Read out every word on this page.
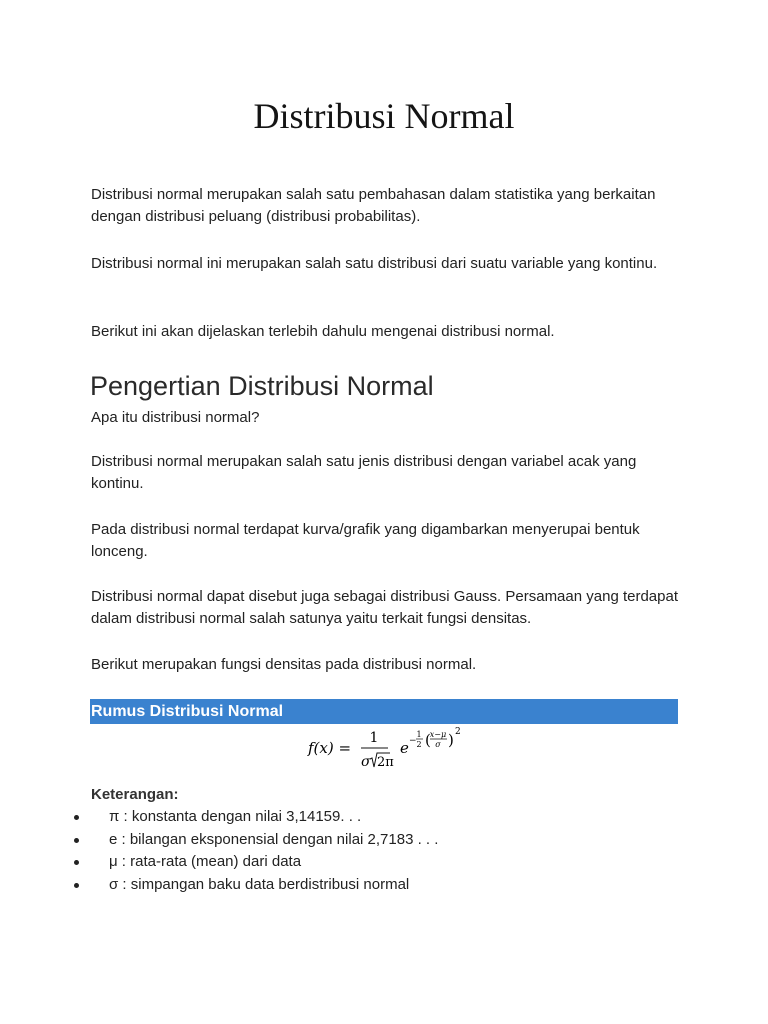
Distribusi Normal
Distribusi normal merupakan salah satu pembahasan dalam statistika yang berkaitan dengan distribusi peluang (distribusi probabilitas).
Distribusi normal ini merupakan salah satu distribusi dari suatu variable yang kontinu.
Berikut ini akan dijelaskan terlebih dahulu mengenai distribusi normal.
Pengertian Distribusi Normal
Apa itu distribusi normal?
Distribusi normal merupakan salah satu jenis distribusi dengan variabel acak yang kontinu.
Pada distribusi normal terdapat kurva/grafik yang digambarkan menyerupai bentuk lonceng.
Distribusi normal dapat disebut juga sebagai distribusi Gauss. Persamaan yang terdapat dalam distribusi normal salah satunya yaitu terkait fungsi densitas.
Berikut merupakan fungsi densitas pada distribusi normal.
Rumus Distribusi Normal
f(x) =
1
σ 2π
e −
1
2 (
x−μ
σ ) 2
Keterangan:
π : konstanta dengan nilai 3,14159. . .
e : bilangan eksponensial dengan nilai 2,7183 . . .
μ : rata-rata (mean) dari data
σ : simpangan baku data berdistribusi normal
